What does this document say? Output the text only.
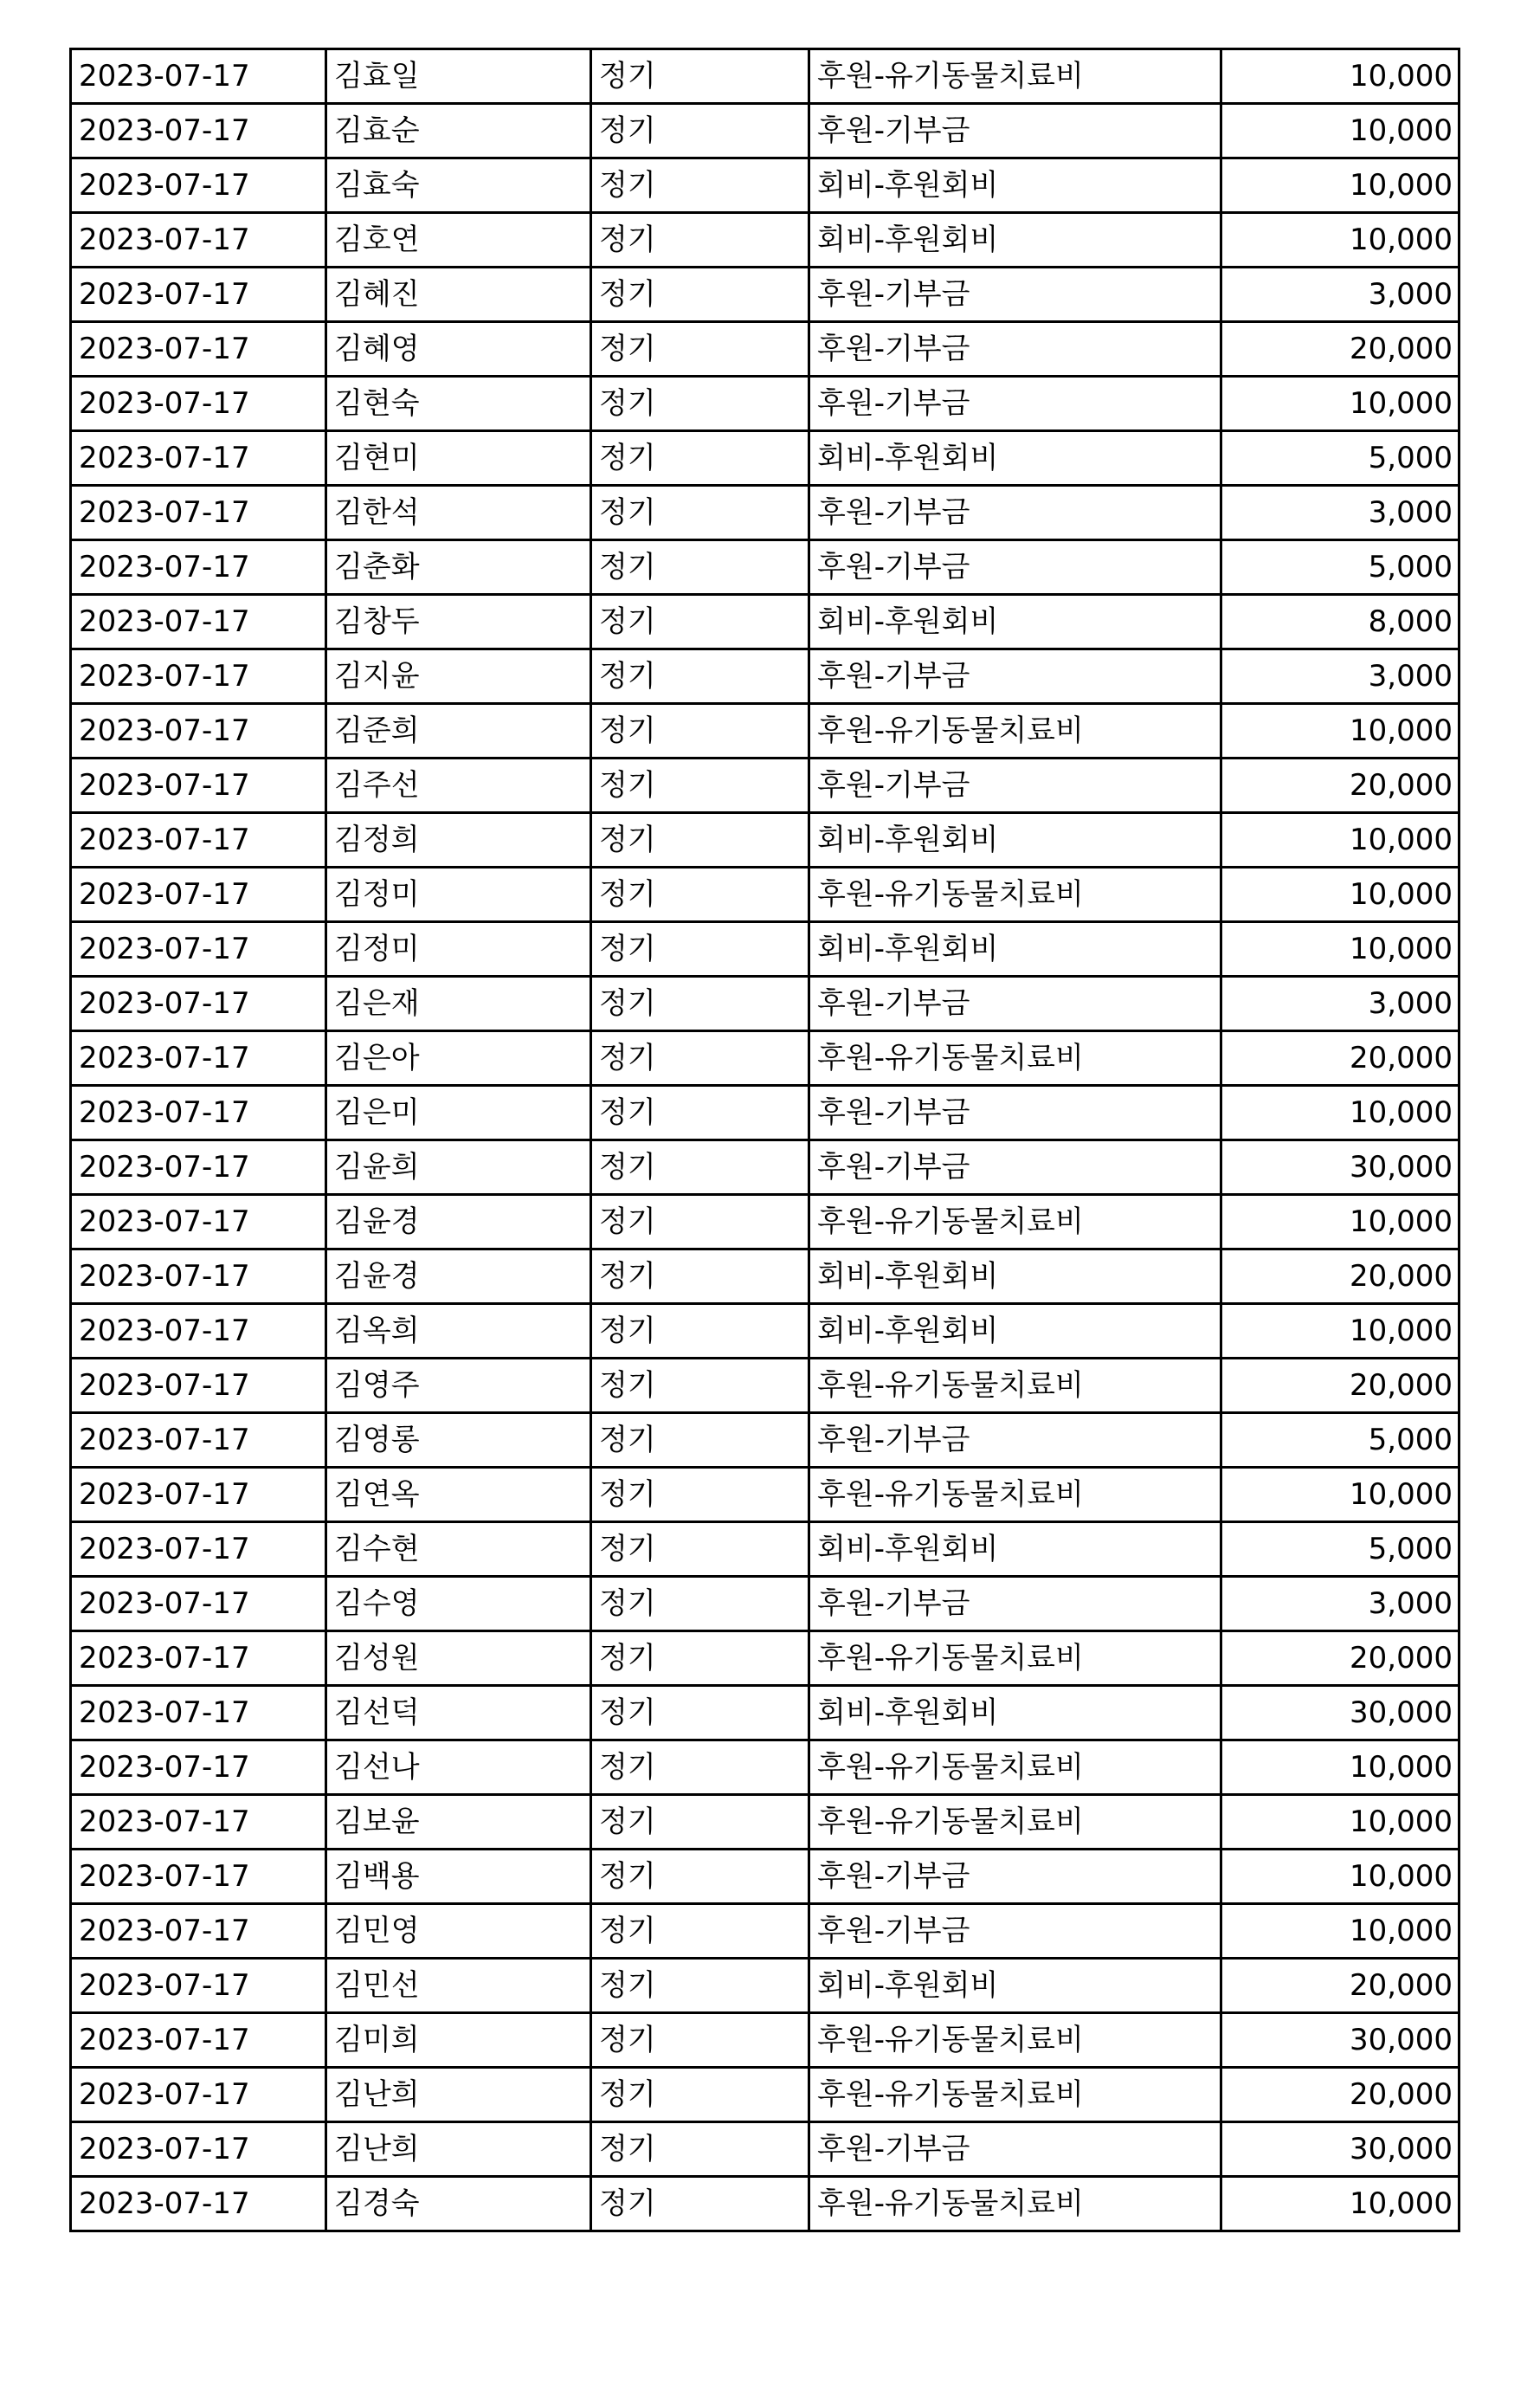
2023-07-17	김효일	정기	후원-유기동물치료비	10,000
2023-07-17	김효순	정기	후원-기부금	10,000
2023-07-17	김효숙	정기	회비-후원회비	10,000
2023-07-17	김호연	정기	회비-후원회비	10,000
2023-07-17	김혜진	정기	후원-기부금	3,000
2023-07-17	김혜영	정기	후원-기부금	20,000
2023-07-17	김현숙	정기	후원-기부금	10,000
2023-07-17	김현미	정기	회비-후원회비	5,000
2023-07-17	김한석	정기	후원-기부금	3,000
2023-07-17	김춘화	정기	후원-기부금	5,000
2023-07-17	김창두	정기	회비-후원회비	8,000
2023-07-17	김지윤	정기	후원-기부금	3,000
2023-07-17	김준희	정기	후원-유기동물치료비	10,000
2023-07-17	김주선	정기	후원-기부금	20,000
2023-07-17	김정희	정기	회비-후원회비	10,000
2023-07-17	김정미	정기	후원-유기동물치료비	10,000
2023-07-17	김정미	정기	회비-후원회비	10,000
2023-07-17	김은재	정기	후원-기부금	3,000
2023-07-17	김은아	정기	후원-유기동물치료비	20,000
2023-07-17	김은미	정기	후원-기부금	10,000
2023-07-17	김윤희	정기	후원-기부금	30,000
2023-07-17	김윤경	정기	후원-유기동물치료비	10,000
2023-07-17	김윤경	정기	회비-후원회비	20,000
2023-07-17	김옥희	정기	회비-후원회비	10,000
2023-07-17	김영주	정기	후원-유기동물치료비	20,000
2023-07-17	김영롱	정기	후원-기부금	5,000
2023-07-17	김연옥	정기	후원-유기동물치료비	10,000
2023-07-17	김수현	정기	회비-후원회비	5,000
2023-07-17	김수영	정기	후원-기부금	3,000
2023-07-17	김성원	정기	후원-유기동물치료비	20,000
2023-07-17	김선덕	정기	회비-후원회비	30,000
2023-07-17	김선나	정기	후원-유기동물치료비	10,000
2023-07-17	김보윤	정기	후원-유기동물치료비	10,000
2023-07-17	김백용	정기	후원-기부금	10,000
2023-07-17	김민영	정기	후원-기부금	10,000
2023-07-17	김민선	정기	회비-후원회비	20,000
2023-07-17	김미희	정기	후원-유기동물치료비	30,000
2023-07-17	김난희	정기	후원-유기동물치료비	20,000
2023-07-17	김난희	정기	후원-기부금	30,000
2023-07-17	김경숙	정기	후원-유기동물치료비	10,000
